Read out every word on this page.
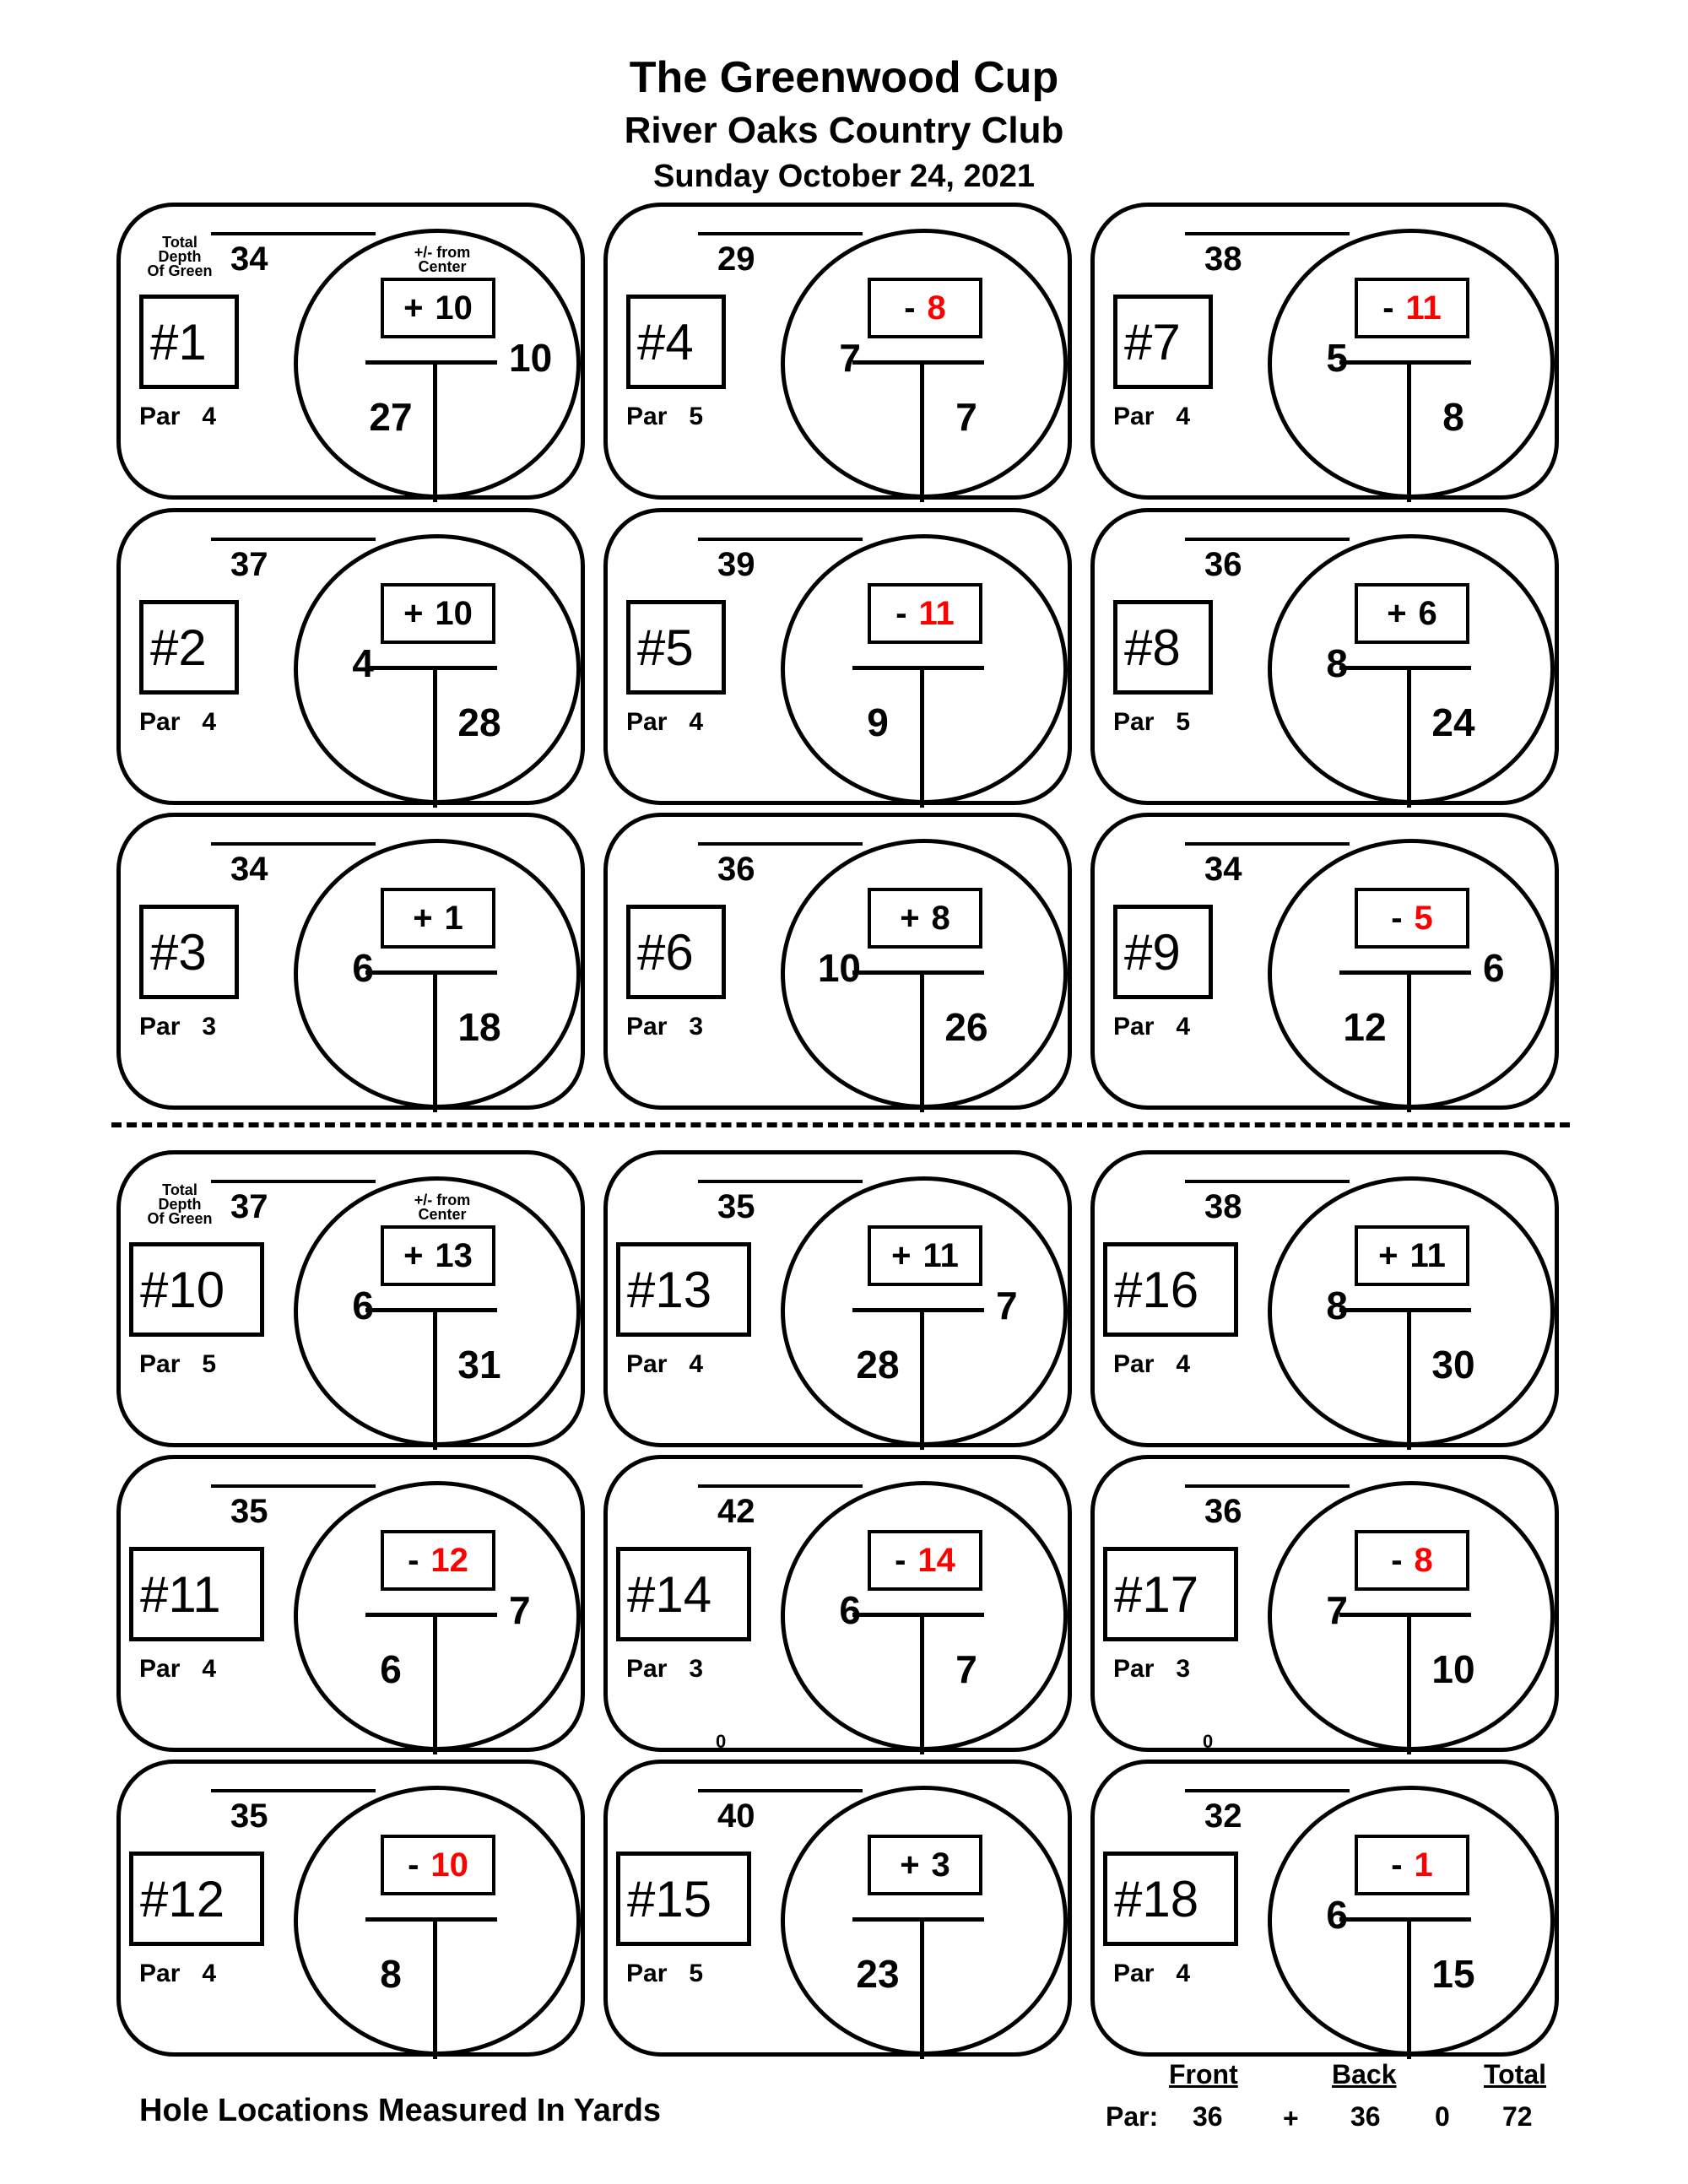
The Greenwood Cup
River Oaks Country Club
Sunday October 24, 2021
Total
Depth
Of Green 34
#1
Par 4
+/- from
Center
+ 10
10
27
37
#2
Par 4
+ 10
4
28
34
#3
Par 3
+ 1
6
18
29
#4
Par 5
- 8
7
7
39
#5
Par 4
- 11
9
36
#6
Par 3
+ 8
10
26
38
#7
Par 4
- 11
5
8
36
#8
Par 5
+ 6
8
24
34
#9
Par 4
- 5
6
12
Total
Depth
Of Green 37
#10
Par 5
+/- from
Center
+ 13
6
31
35
#11
Par 4
- 12
7
6
35
#12
Par 4
- 10
8
35
#13
Par 4
+ 11
7
28
42
#14
Par 3
- 14
6
7
0
40
#15
Par 5
+ 3
23
38
#16
Par 4
+ 11
8
30
36
#17
Par 3
- 8
7
10
0
32
#18
Par 4
- 1
6
15
Hole Locations Measured In Yards
Front	Back	Total
Par: 36 + 36 0 72
